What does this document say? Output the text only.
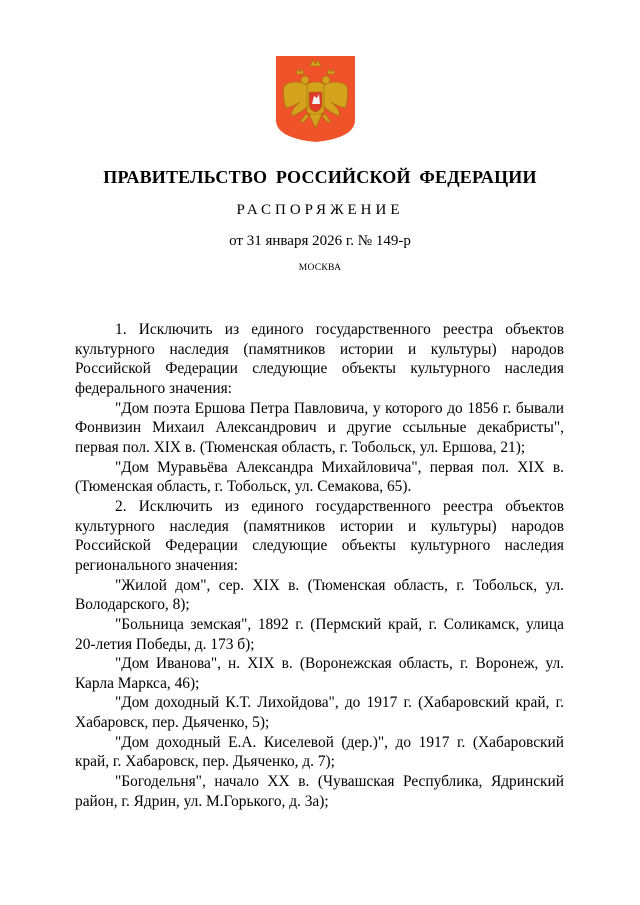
ПРАВИТЕЛЬСТВО РОССИЙСКОЙ ФЕДЕРАЦИИ
РАСПОРЯЖЕНИЕ
от 31 января 2026 г. № 149-р
МОСКВА

1. Исключить из единого государственного реестра объектов культурного наследия (памятников истории и культуры) народов Российской Федерации следующие объекты культурного наследия федерального значения:

"Дом поэта Ершова Петра Павловича, у которого до 1856 г. бывали Фонвизин Михаил Александрович и другие ссыльные декабристы", первая пол. XIX в. (Тюменская область, г. Тобольск, ул. Ершова, 21);

"Дом Муравьёва Александра Михайловича", первая пол. XIX в. (Тюменская область, г. Тобольск, ул. Семакова, 65).

2. Исключить из единого государственного реестра объектов культурного наследия (памятников истории и культуры) народов Российской Федерации следующие объекты культурного наследия регионального значения:

"Жилой дом", сер. XIX в. (Тюменская область, г. Тобольск, ул. Володарского, 8);

"Больница земская", 1892 г. (Пермский край, г. Соликамск, улица 20-летия Победы, д. 173 б);

"Дом Иванова", н. XIX в. (Воронежская область, г. Воронеж, ул. Карла Маркса, 46);

"Дом доходный К.Т. Лихойдова", до 1917 г. (Хабаровский край, г. Хабаровск, пер. Дьяченко, 5);

"Дом доходный Е.А. Киселевой (дер.)", до 1917 г. (Хабаровский край, г. Хабаровск, пер. Дьяченко, д. 7);

"Богодельня", начало XX в. (Чувашская Республика, Ядринский район, г. Ядрин, ул. М.Горького, д. 3а);
